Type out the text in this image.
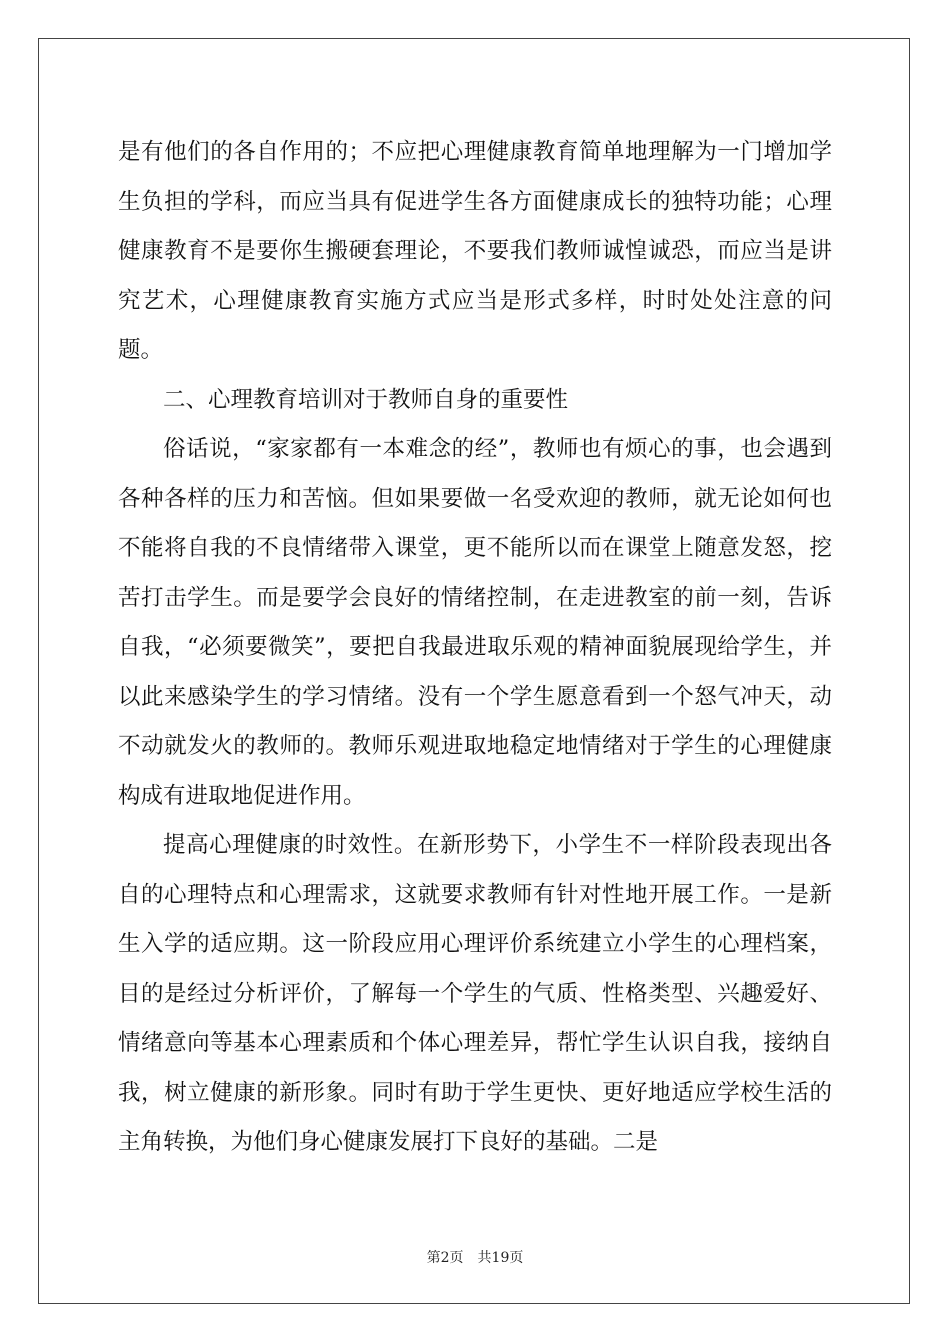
是有他们的各自作用的；不应把心理健康教育简单地理解为一门增加学生负担的学科，而应当具有促进学生各方面健康成长的独特功能；心理健康教育不是要你生搬硬套理论，不要我们教师诚惶诚恐，而应当是讲究艺术，心理健康教育实施方式应当是形式多样，时时处处注意的问题。

二、心理教育培训对于教师自身的重要性

俗话说，“家家都有一本难念的经”，教师也有烦心的事，也会遇到各种各样的压力和苦恼。但如果要做一名受欢迎的教师，就无论如何也不能将自我的不良情绪带入课堂，更不能所以而在课堂上随意发怒，挖苦打击学生。而是要学会良好的情绪控制，在走进教室的前一刻，告诉自我，“必须要微笑”，要把自我最进取乐观的精神面貌展现给学生，并以此来感染学生的学习情绪。没有一个学生愿意看到一个怒气冲天，动不动就发火的教师的。教师乐观进取地稳定地情绪对于学生的心理健康构成有进取地促进作用。

提高心理健康的时效性。在新形势下，小学生不一样阶段表现出各自的心理特点和心理需求，这就要求教师有针对性地开展工作。一是新生入学的适应期。这一阶段应用心理评价系统建立小学生的心理档案，目的是经过分析评价，了解每一个学生的气质、性格类型、兴趣爱好、情绪意向等基本心理素质和个体心理差异，帮忙学生认识自我，接纳自我，树立健康的新形象。同时有助于学生更快、更好地适应学校生活的主角转换，为他们身心健康发展打下良好的基础。二是

第2页　共19页
